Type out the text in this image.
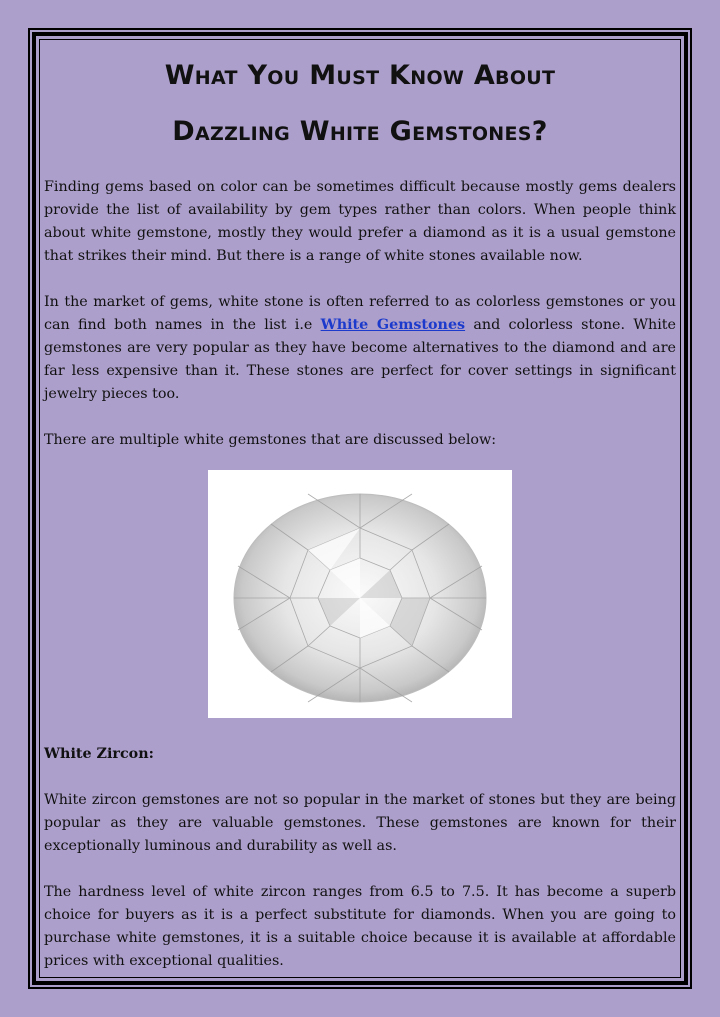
What You Must Know About
Dazzling White Gemstones?

Finding gems based on color can be sometimes difficult because mostly gems dealers provide the list of availability by gem types rather than colors. When people think about white gemstone, mostly they would prefer a diamond as it is a usual gemstone that strikes their mind. But there is a range of white stones available now.

In the market of gems, white stone is often referred to as colorless gemstones or you can find both names in the list i.e White Gemstones and colorless stone. White gemstones are very popular as they have become alternatives to the diamond and are far less expensive than it. These stones are perfect for cover settings in significant jewelry pieces too.

There are multiple white gemstones that are discussed below:

White Zircon:

White zircon gemstones are not so popular in the market of stones but they are being popular as they are valuable gemstones. These gemstones are known for their exceptionally luminous and durability as well as.

The hardness level of white zircon ranges from 6.5 to 7.5. It has become a superb choice for buyers as it is a perfect substitute for diamonds. When you are going to purchase white gemstones, it is a suitable choice because it is available at affordable prices with exceptional qualities.
